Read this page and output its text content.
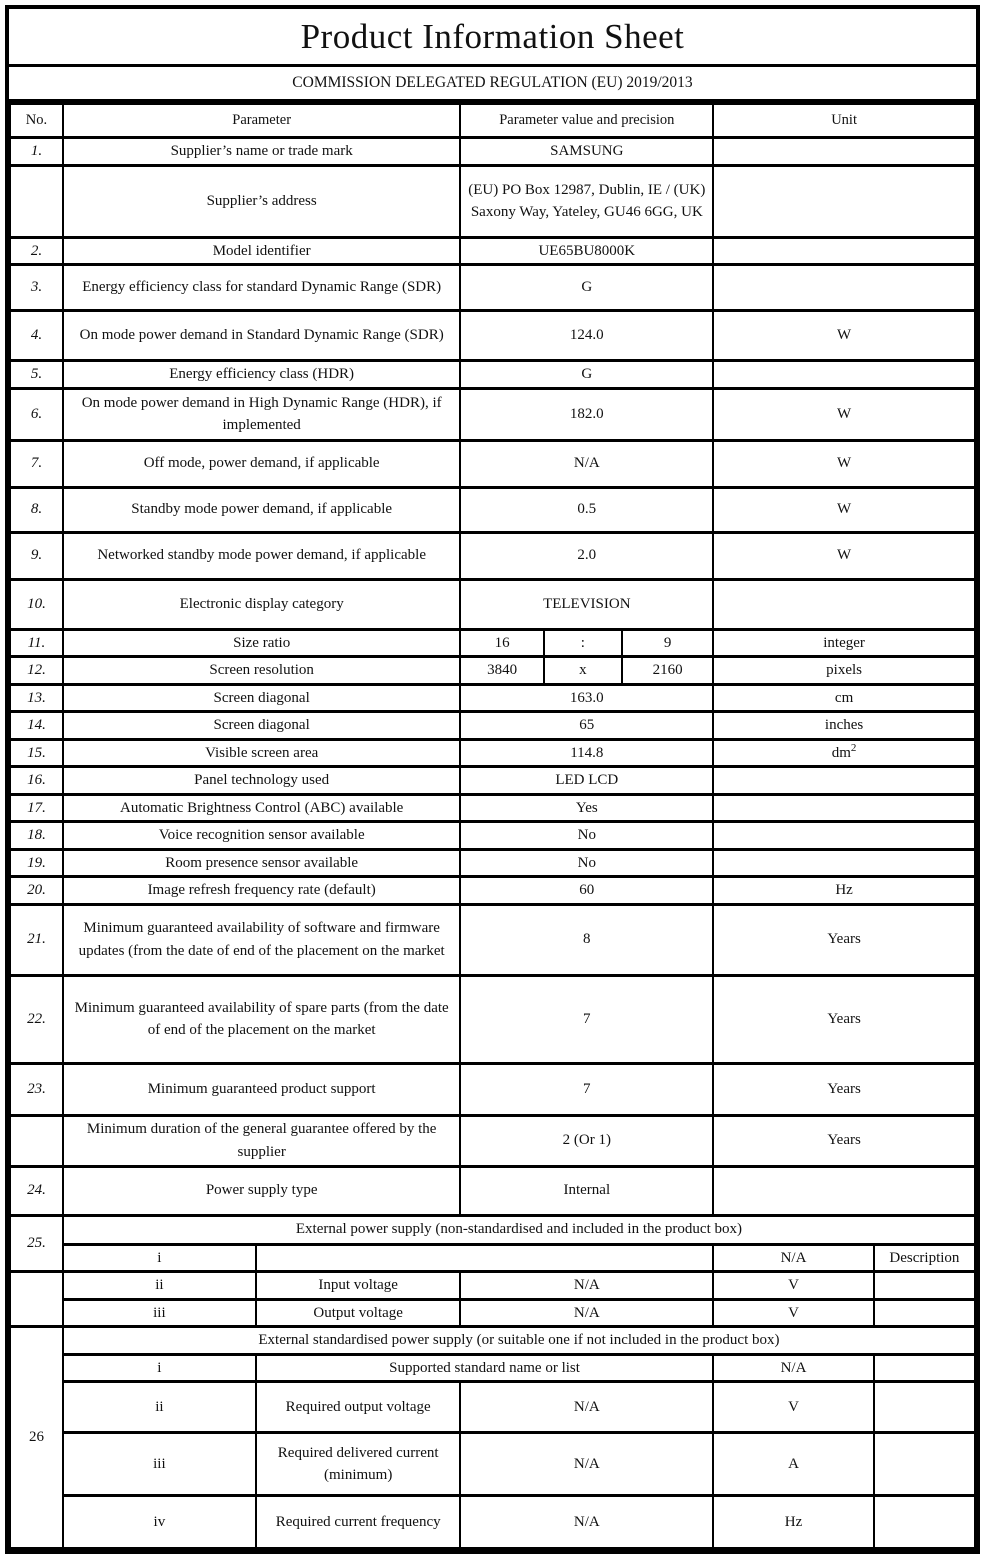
Product Information Sheet
COMMISSION DELEGATED REGULATION (EU) 2019/2013
No.	Parameter		Parameter value and precision			Unit	
1.	Supplier’s name or trade mark		SAMSUNG				
	Supplier’s address		(EU) PO Box 12987, Dublin, IE / (UK) Saxony Way, Yateley, GU46 6GG, UK				
2.	Model identifier		UE65BU8000K				
3.	Energy efficiency class for standard Dynamic Range (SDR)		G				
4.	On mode power demand in Standard Dynamic Range (SDR)		124.0			W	
5.	Energy efficiency class (HDR)		G				
6.	On mode power demand in High Dynamic Range (HDR), if implemented		182.0			W	
7.	Off mode, power demand, if applicable		N/A			W	
8.	Standby mode power demand, if applicable		0.5			W	
9.	Networked standby mode power demand, if applicable		2.0			W	
10.	Electronic display category		TELEVISION				
11.	Size ratio		16	:	9	integer	
12.	Screen resolution		3840	x	2160	pixels	
13.	Screen diagonal		163.0			cm	
14.	Screen diagonal		65			inches	
15.	Visible screen area		114.8			$dm^2$
16.	Panel technology used		LED LCD				
17.	Automatic Brightness Control (ABC) available		Yes				
18.	Voice recognition sensor available		No				
19.	Room presence sensor available		No				
20.	Image refresh frequency rate (default)		60			Hz	
21.	Minimum guaranteed availability of software and firmware updates (from the date of end of the placement on the market		8			Years	
22.	Minimum guaranteed availability of spare parts (from the date of end of the placement on the market		7			Years	
23.	Minimum guaranteed product support		7			Years	
	Minimum duration of the general guarantee offered by the supplier		2 (Or 1)			Years	
24.	Power supply type		Internal				
25.	External power supply (non-standardised and included in the product box)						
	i					N/A	Description
	ii	Input voltage	N/A			V	
	iii	Output voltage	N/A			V	
26	External standardised power supply (or suitable one if not included in the product box)						
	i	Supported standard name or list				N/A	
	ii	Required output voltage	N/A			V	
	iii	Required delivered current (minimum)	N/A			A	
	iv	Required current frequency	N/A			Hz	
